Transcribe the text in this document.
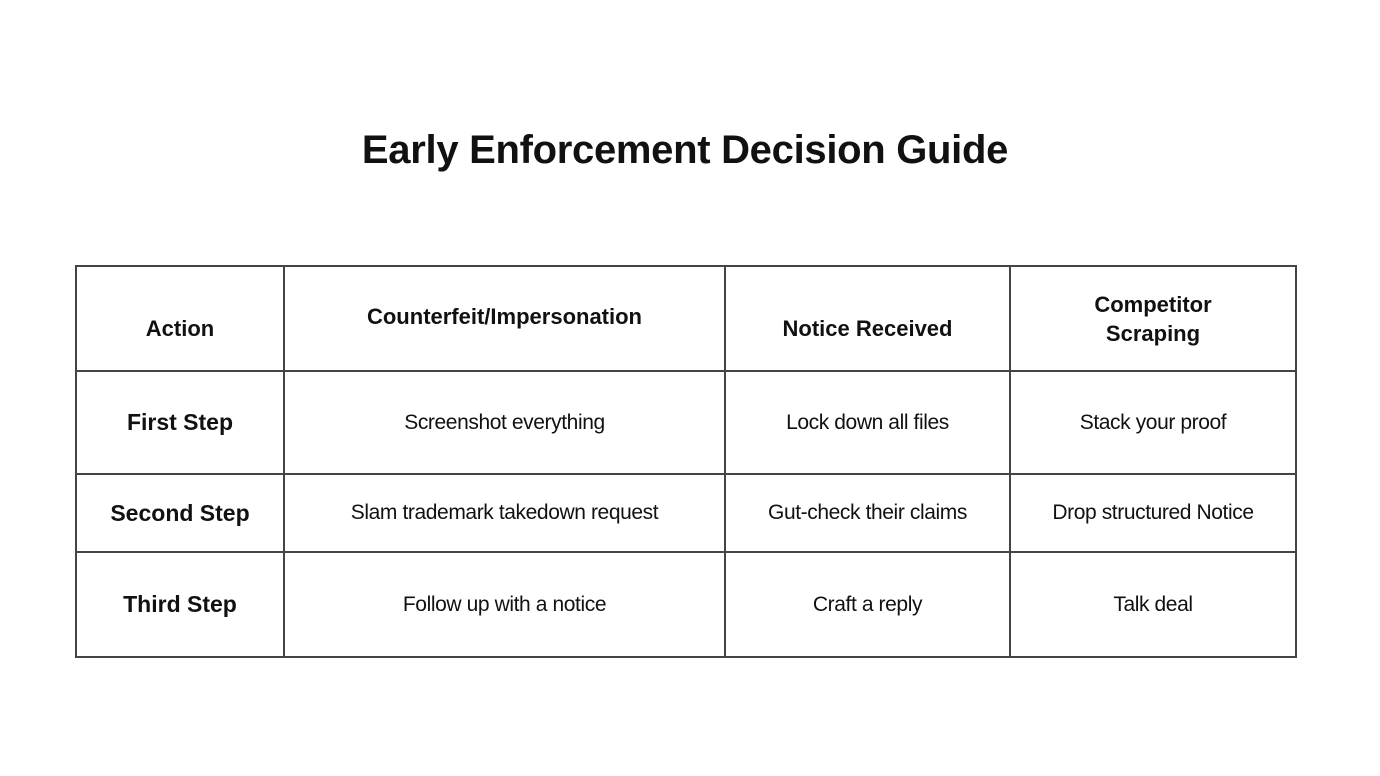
Early Enforcement Decision Guide
Action	Counterfeit/Impersonation	Notice Received	Competitor Scraping
First Step	Screenshot everything	Lock down all files	Stack your proof
Second Step	Slam trademark takedown request	Gut-check their claims	Drop structured Notice
Third Step	Follow up with a notice	Craft a reply	Talk deal
